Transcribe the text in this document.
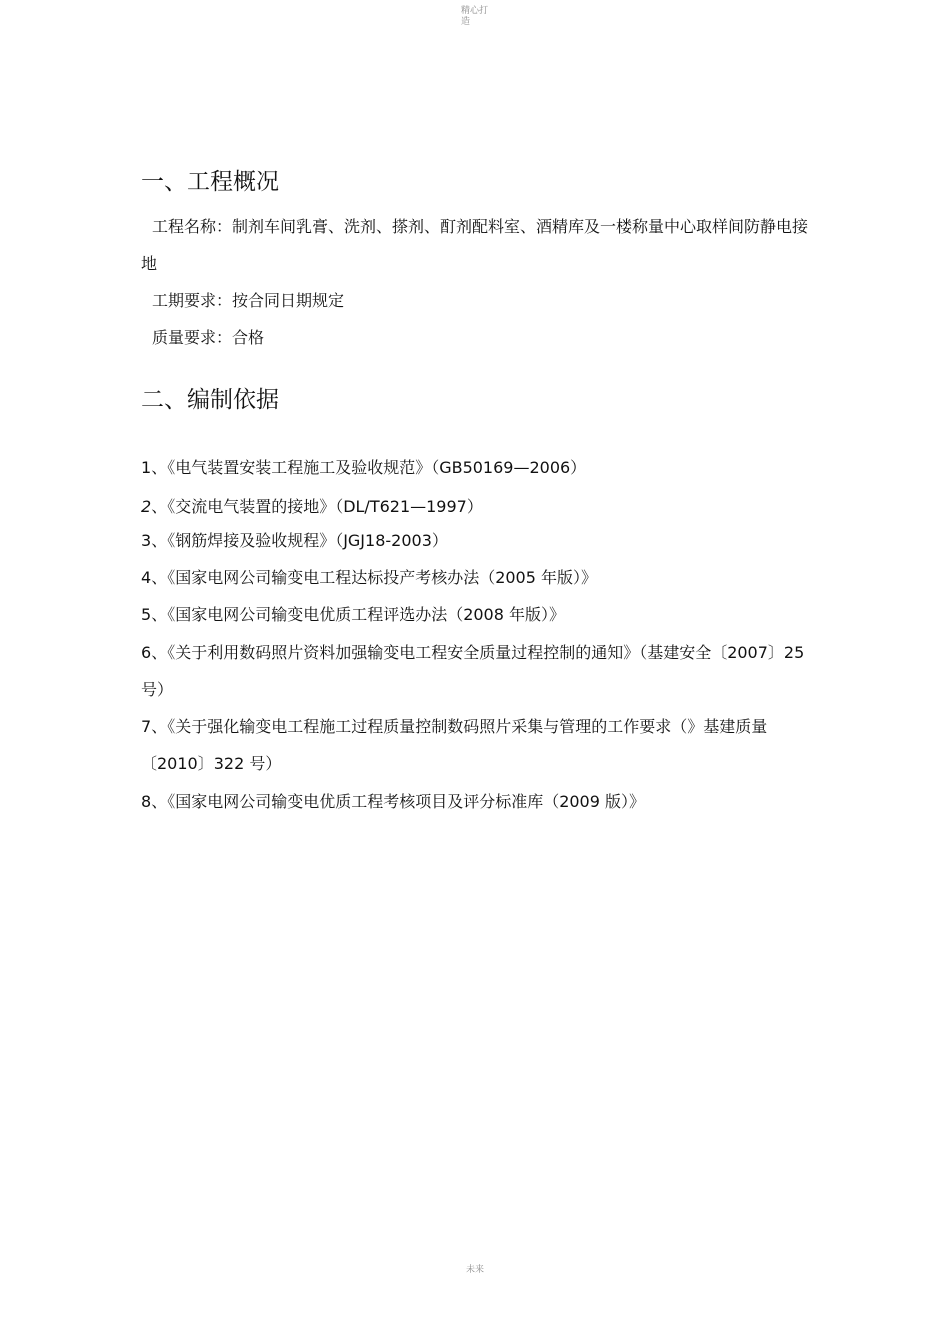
精心打造
一、工程概况

工程名称：制剂车间乳膏、洗剂、搽剂、酊剂配料室、酒精库及一楼称量中心取样间防静电接地

工期要求：按合同日期规定

质量要求：合格

二、编制依据

1、《电气装置安装工程施工及验收规范》（GB50169—2006）

2、《交流电气装置的接地》（DL/T621—1997）

3、《钢筋焊接及验收规程》（JGJ18-2003）

4、《国家电网公司输变电工程达标投产考核办法（2005 年版）》

5、《国家电网公司输变电优质工程评选办法（2008 年版）》

6、《关于利用数码照片资料加强输变电工程安全质量过程控制的通知》（基建安全〔2007〕25 号）

7、《关于强化输变电工程施工过程质量控制数码照片采集与管理的工作要求（》基建质量〔2010〕322 号）

8、《国家电网公司输变电优质工程考核项目及评分标准库（2009 版）》

未来
